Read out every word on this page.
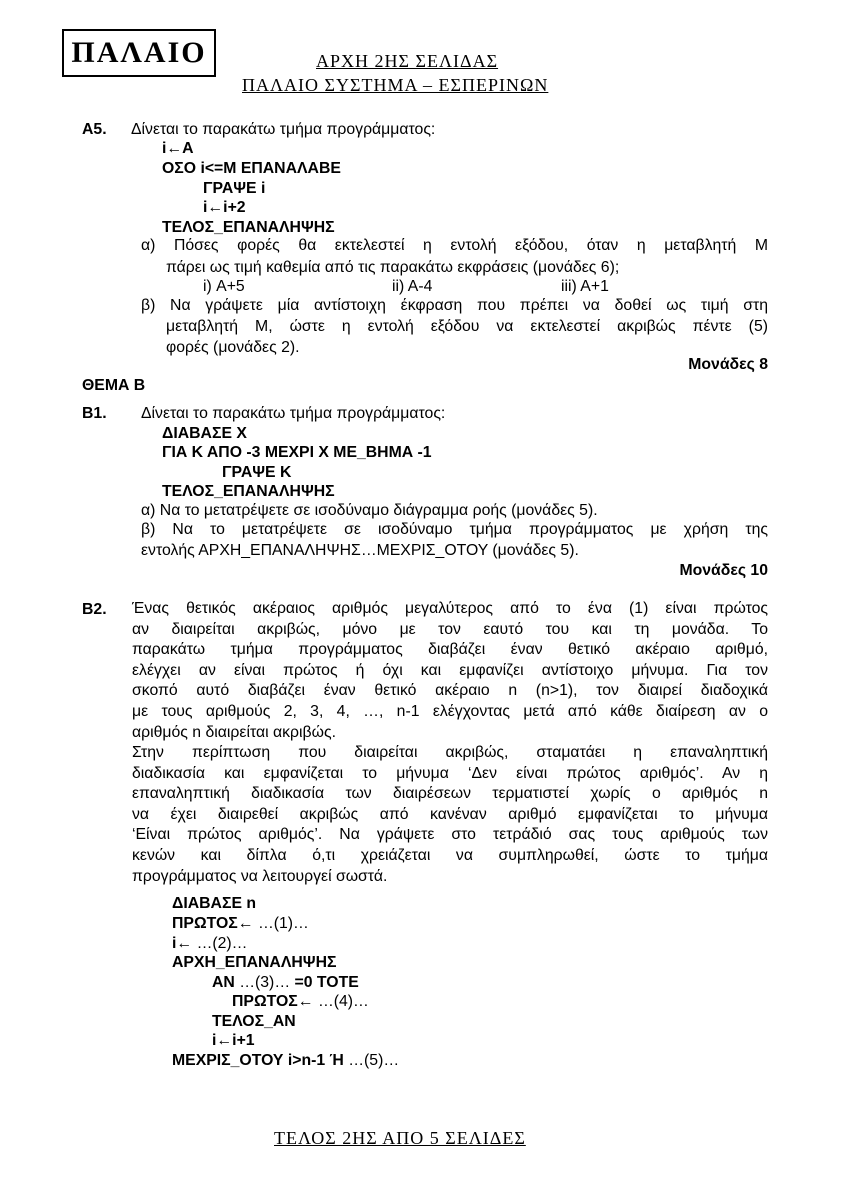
ΠΑΛΑΙΟ	ΑΡΧΗ 2ΗΣ ΣΕΛΙΔΑΣ
ΠΑΛΑΙΟ ΣΥΣΤΗΜΑ – ΕΣΠΕΡΙΝΩΝ
Α5. Δίνεται το παρακάτω τμήμα προγράμματος:
i←Α
ΟΣΟ i<=M ΕΠΑΝΑΛΑΒΕ
ΓΡΑΨΕ i
i←i+2
ΤΕΛΟΣ_ΕΠΑΝΑΛΗΨΗΣ
α) Πόσες φορές θα εκτελεστεί η εντολή εξόδου, όταν η μεταβλητή Μ
πάρει ως τιμή καθεμία από τις παρακάτω εκφράσεις (μονάδες 6);
i) Α+5	ii) A-4	iii) A+1
β) Να γράψετε μία αντίστοιχη έκφραση που πρέπει να δοθεί ως τιμή στη
μεταβλητή Μ, ώστε η εντολή εξόδου να εκτελεστεί ακριβώς πέντε (5)
φορές (μονάδες 2).
Μονάδες 8
ΘΕΜΑ Β
Β1. Δίνεται το παρακάτω τμήμα προγράμματος:
ΔΙΑΒΑΣΕ Χ
ΓΙΑ Κ ΑΠΟ -3 ΜΕΧΡΙ Χ ΜΕ_ΒΗΜΑ -1
ΓΡΑΨΕ Κ
ΤΕΛΟΣ_ΕΠΑΝΑΛΗΨΗΣ
α) Να το μετατρέψετε σε ισοδύναμο διάγραμμα ροής (μονάδες 5).
β) Να το μετατρέψετε σε ισοδύναμο τμήμα προγράμματος με χρήση της
εντολής ΑΡΧΗ_ΕΠΑΝΑΛΗΨΗΣ…ΜΕΧΡΙΣ_ΟΤΟΥ (μονάδες 5).
Μονάδες 10
Β2. Ένας θετικός ακέραιος αριθμός μεγαλύτερος από το ένα (1) είναι πρώτος
αν διαιρείται ακριβώς, μόνο με τον εαυτό του και τη μονάδα. Το
παρακάτω τμήμα προγράμματος διαβάζει έναν θετικό ακέραιο αριθμό,
ελέγχει αν είναι πρώτος ή όχι και εμφανίζει αντίστοιχο μήνυμα. Για τον
σκοπό αυτό διαβάζει έναν θετικό ακέραιο n (n>1), τον διαιρεί διαδοχικά
με τους αριθμούς 2, 3, 4, …, n-1 ελέγχοντας μετά από κάθε διαίρεση αν ο
αριθμός n διαιρείται ακριβώς.
Στην περίπτωση που διαιρείται ακριβώς, σταματάει η επαναληπτική
διαδικασία και εμφανίζεται το μήνυμα ‘Δεν είναι πρώτος αριθμός’. Αν η
επαναληπτική διαδικασία των διαιρέσεων τερματιστεί χωρίς ο αριθμός n
να έχει διαιρεθεί ακριβώς από κανέναν αριθμό εμφανίζεται το μήνυμα
‘Είναι πρώτος αριθμός’. Να γράψετε στο τετράδιό σας τους αριθμούς των
κενών και δίπλα ό,τι χρειάζεται να συμπληρωθεί, ώστε το τμήμα
προγράμματος να λειτουργεί σωστά.
ΔΙΑΒΑΣΕ n
ΠΡΩΤΟΣ← …(1)…
i← …(2)…
ΑΡΧΗ_ΕΠΑΝΑΛΗΨΗΣ
ΑΝ …(3)… =0 ΤΟΤΕ
ΠΡΩΤΟΣ← …(4)…
ΤΕΛΟΣ_ΑΝ
i←i+1
ΜΕΧΡΙΣ_ΟΤΟΥ i>n-1 Ή …(5)…
ΤΕΛΟΣ 2ΗΣ ΑΠΟ 5 ΣΕΛΙΔΕΣ
